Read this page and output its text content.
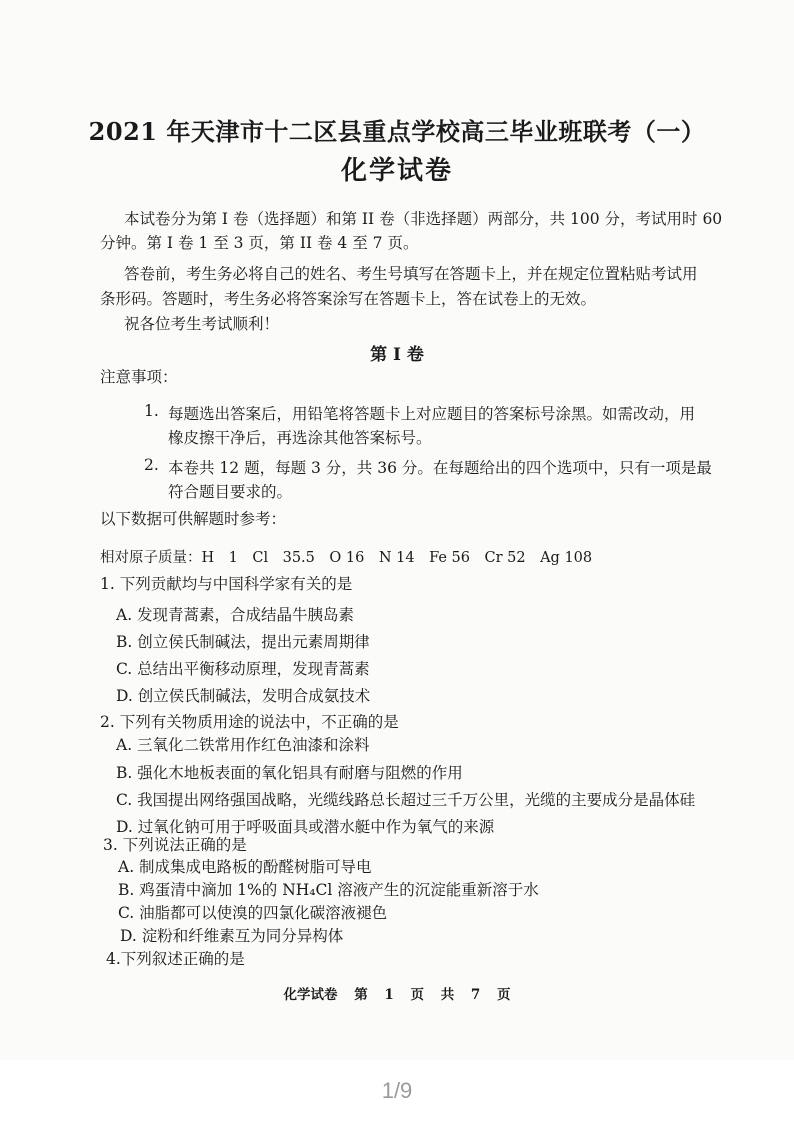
2021 年天津市十二区县重点学校高三毕业班联考（一）
化学试卷
本试卷分为第 I 卷（选择题）和第 II 卷（非选择题）两部分，共 100 分，考试用时 60
分钟。第 I 卷 1 至 3 页，第 II 卷 4 至 7 页。
答卷前，考生务必将自己的姓名、考生号填写在答题卡上，并在规定位置粘贴考试用
条形码。答题时，考生务必将答案涂写在答题卡上，答在试卷上的无效。
祝各位考生考试顺利！
第 I 卷
注意事项：
1. 每题选出答案后，用铅笔将答题卡上对应题目的答案标号涂黑。如需改动，用
橡皮擦干净后，再选涂其他答案标号。
2. 本卷共 12 题，每题 3 分，共 36 分。在每题给出的四个选项中，只有一项是最
符合题目要求的。
以下数据可供解题时参考：
相对原子质量：H　1　Cl　35.5　O 16　N 14　Fe 56　Cr 52　Ag 108
1. 下列贡献均与中国科学家有关的是
A. 发现青蒿素，合成结晶牛胰岛素
B. 创立侯氏制碱法，提出元素周期律
C. 总结出平衡移动原理，发现青蒿素
D. 创立侯氏制碱法，发明合成氨技术
2. 下列有关物质用途的说法中，不正确的是
A. 三氧化二铁常用作红色油漆和涂料
B. 强化木地板表面的氧化铝具有耐磨与阻燃的作用
C. 我国提出网络强国战略，光缆线路总长超过三千万公里，光缆的主要成分是晶体硅
D. 过氧化钠可用于呼吸面具或潜水艇中作为氧气的来源
3. 下列说法正确的是
A. 制成集成电路板的酚醛树脂可导电
B. 鸡蛋清中滴加 1%的 NH₄Cl 溶液产生的沉淀能重新溶于水
C. 油脂都可以使溴的四氯化碳溶液褪色
D. 淀粉和纤维素互为同分异构体
4.下列叙述正确的是
化学试卷 第 1 页 共 7 页
1/9
